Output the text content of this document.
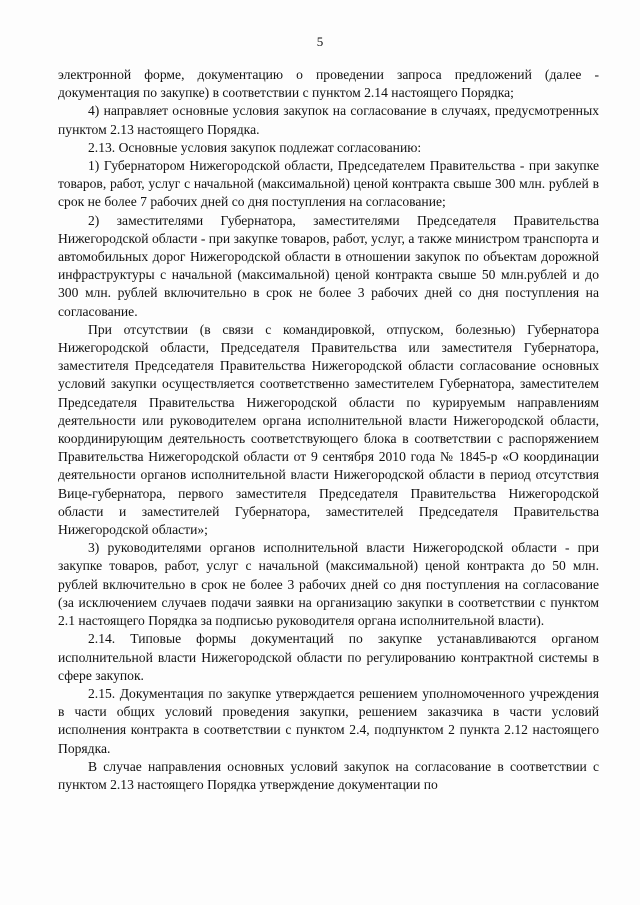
5

электронной форме, документацию о проведении запроса предложений (далее - документация по закупке) в соответствии с пунктом 2.14 настоящего Порядка;

4) направляет основные условия закупок на согласование в случаях, предусмотренных пунктом 2.13 настоящего Порядка.

2.13. Основные условия закупок подлежат согласованию:

1) Губернатором Нижегородской области, Председателем Правительства - при закупке товаров, работ, услуг с начальной (максимальной) ценой контракта свыше 300 млн. рублей в срок не более 7 рабочих дней со дня поступления на согласование;

2) заместителями Губернатора, заместителями Председателя Правительства Нижегородской области - при закупке товаров, работ, услуг, а также министром транспорта и автомобильных дорог Нижегородской области в отношении закупок по объектам дорожной инфраструктуры с начальной (максимальной) ценой контракта свыше 50 млн.рублей и до 300 млн. рублей включительно в срок не более 3 рабочих дней со дня поступления на согласование.

При отсутствии (в связи с командировкой, отпуском, болезнью) Губернатора Нижегородской области, Председателя Правительства или заместителя Губернатора, заместителя Председателя Правительства Нижегородской области согласование основных условий закупки осуществляется соответственно заместителем Губернатора, заместителем Председателя Правительства Нижегородской области по курируемым направлениям деятельности или руководителем органа исполнительной власти Нижегородской области, координирующим деятельность соответствующего блока в соответствии с распоряжением Правительства Нижегородской области от 9 сентября 2010 года № 1845-р «О координации деятельности органов исполнительной власти Нижегородской области в период отсутствия Вице-губернатора, первого заместителя Председателя Правительства Нижегородской области и заместителей Губернатора, заместителей Председателя Правительства Нижегородской области»;

3) руководителями органов исполнительной власти Нижегородской области - при закупке товаров, работ, услуг с начальной (максимальной) ценой контракта до 50 млн. рублей включительно в срок не более 3 рабочих дней со дня поступления на согласование (за исключением случаев подачи заявки на организацию закупки в соответствии с пунктом 2.1 настоящего Порядка за подписью руководителя органа исполнительной власти).

2.14. Типовые формы документаций по закупке устанавливаются органом исполнительной власти Нижегородской области по регулированию контрактной системы в сфере закупок.

2.15. Документация по закупке утверждается решением уполномоченного учреждения в части общих условий проведения закупки, решением заказчика в части условий исполнения контракта в соответствии с пунктом 2.4, подпунктом 2 пункта 2.12 настоящего Порядка.

В случае направления основных условий закупок на согласование в соответствии с пунктом 2.13 настоящего Порядка утверждение документации по
